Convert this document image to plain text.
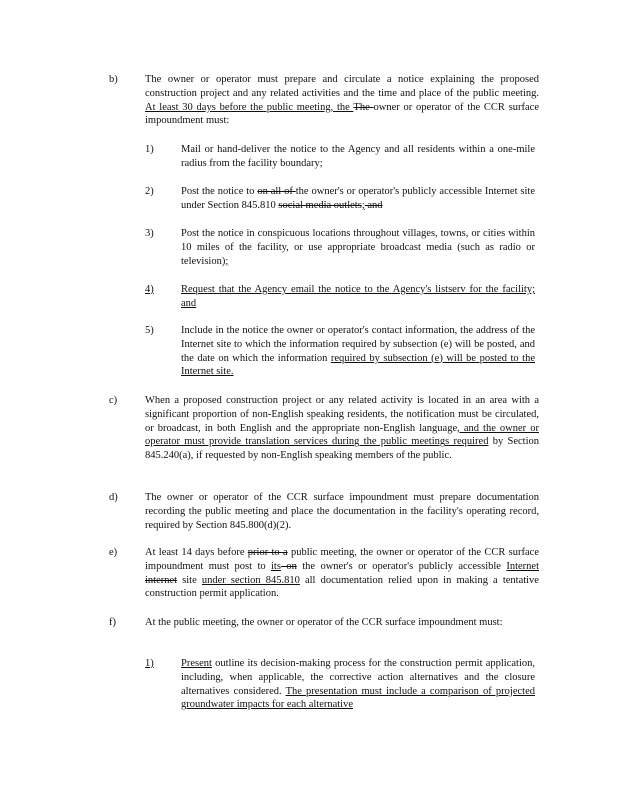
b)	The owner or operator must prepare and circulate a notice explaining the proposed construction project and any related activities and the time and place of the public meeting. At least 30 days before the public meeting, the The owner or operator of the CCR surface impoundment must:
1)	Mail or hand-deliver the notice to the Agency and all residents within a one-mile radius from the facility boundary;
2)	Post the notice to on all of the owner's or operator's publicly accessible Internet site under Section 845.810 social media outlets; and
3)	Post the notice in conspicuous locations throughout villages, towns, or cities within 10 miles of the facility, or use appropriate broadcast media (such as radio or television);
4)	Request that the Agency email the notice to the Agency's listserv for the facility; and
5)	Include in the notice the owner or operator's contact information, the address of the Internet site to which the information required by subsection (e) will be posted, and the date on which the information required by subsection (e) will be posted to the Internet site.
c)	When a proposed construction project or any related activity is located in an area with a significant proportion of non-English speaking residents, the notification must be circulated, or broadcast, in both English and the appropriate non-English language, and the owner or operator must provide translation services during the public meetings required by Section 845.240(a), if requested by non-English speaking members of the public.
d)	The owner or operator of the CCR surface impoundment must prepare documentation recording the public meeting and place the documentation in the facility's operating record, required by Section 845.800(d)(2).
e)	At least 14 days before prior to a public meeting, the owner or operator of the CCR surface impoundment must post to its on the owner's or operator's publicly accessible Internet internet site under section 845.810 all documentation relied upon in making a tentative construction permit application.
f)	At the public meeting, the owner or operator of the CCR surface impoundment must:
1)	Present outline its decision-making process for the construction permit application, including, when applicable, the corrective action alternatives and the closure alternatives considered. The presentation must include a comparison of projected groundwater impacts for each alternative
